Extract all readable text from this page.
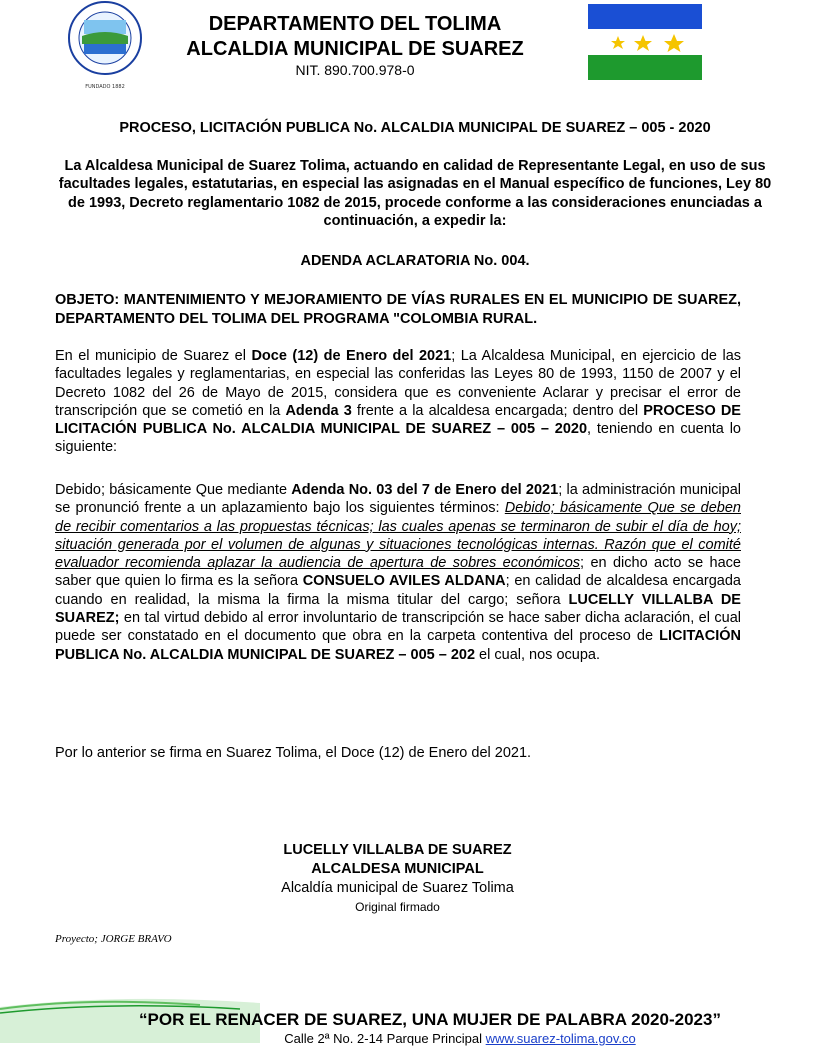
FUNDADO 1882
DEPARTAMENTO DEL TOLIMA
ALCALDIA MUNICIPAL DE SUAREZ
NIT. 890.700.978-0
PROCESO, LICITACIÓN PUBLICA No. ALCALDIA MUNICIPAL DE SUAREZ – 005 - 2020
La Alcaldesa Municipal de Suarez Tolima, actuando en calidad de Representante Legal, en uso de sus facultades legales, estatutarias, en especial las asignadas en el Manual específico de funciones, Ley 80 de 1993, Decreto reglamentario 1082 de 2015, procede conforme a las consideraciones enunciadas a continuación, a expedir la:
ADENDA ACLARATORIA No. 004.
OBJETO: MANTENIMIENTO Y MEJORAMIENTO DE VÍAS RURALES EN EL MUNICIPIO DE SUAREZ, DEPARTAMENTO DEL TOLIMA DEL PROGRAMA "COLOMBIA RURAL.
En el municipio de Suarez el Doce (12) de Enero del 2021; La Alcaldesa Municipal, en ejercicio de las facultades legales y reglamentarias, en especial las conferidas las Leyes 80 de 1993, 1150 de 2007 y el Decreto 1082 del 26 de Mayo de 2015, considera que es conveniente Aclarar y precisar el error de transcripción que se cometió en la Adenda 3 frente a la alcaldesa encargada; dentro del PROCESO DE LICITACIÓN PUBLICA No. ALCALDIA MUNICIPAL DE SUAREZ – 005 – 2020, teniendo en cuenta lo siguiente:
Debido; básicamente Que mediante Adenda No. 03 del 7 de Enero del 2021; la administración municipal se pronunció frente a un aplazamiento bajo los siguientes términos: Debido; básicamente Que se deben de recibir comentarios a las propuestas técnicas; las cuales apenas se terminaron de subir el día de hoy; situación generada por el volumen de algunas y situaciones tecnológicas internas. Razón que el comité evaluador recomienda aplazar la audiencia de apertura de sobres económicos; en dicho acto se hace saber que quien lo firma es la señora CONSUELO AVILES ALDANA; en calidad de alcaldesa encargada cuando en realidad, la misma la firma la misma titular del cargo; señora LUCELLY VILLALBA DE SUAREZ; en tal virtud debido al error involuntario de transcripción se hace saber dicha aclaración, el cual puede ser constatado en el documento que obra en la carpeta contentiva del proceso de LICITACIÓN PUBLICA No. ALCALDIA MUNICIPAL DE SUAREZ – 005 – 202 el cual, nos ocupa.
Por lo anterior se firma en Suarez Tolima, el Doce (12) de Enero del 2021.
LUCELLY VILLALBA DE SUAREZ
ALCALDESA MUNICIPAL
Alcaldía municipal de Suarez Tolima
Original firmado
Proyecto; JORGE BRAVO
“POR EL RENACER DE SUAREZ, UNA MUJER DE PALABRA 2020-2023”
Calle 2ª No. 2-14 Parque Principal www.suarez-tolima.gov.co
